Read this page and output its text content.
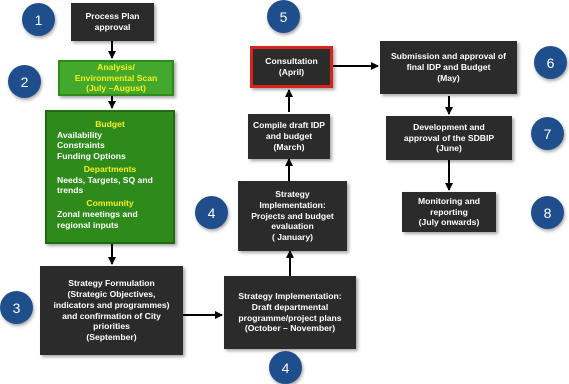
Process Plan
approval
Analysis/
Environmental Scan
(July –August)
Budget
Availability
Constraints
Funding Options
Departments
Needs, Targets, SQ and
trends
Community
Zonal meetings and
regional inputs
Strategy Formulation
(Strategic Objectives,
indicators and programmes)
and confirmation of City
priorities
(September)
Strategy Implementation:
Draft departmental
programme/project plans
(October – November)
Strategy
Implementation:
Projects and budget
evaluation
( January)
Compile draft IDP
and budget
(March)
Consultation
(April)
Submission and approval of
final IDP and Budget
(May)
Development and
approval of the SDBIP
(June)
Monitoring and
reporting
(July onwards)
1
2
3
4
4
5
6
7
8
